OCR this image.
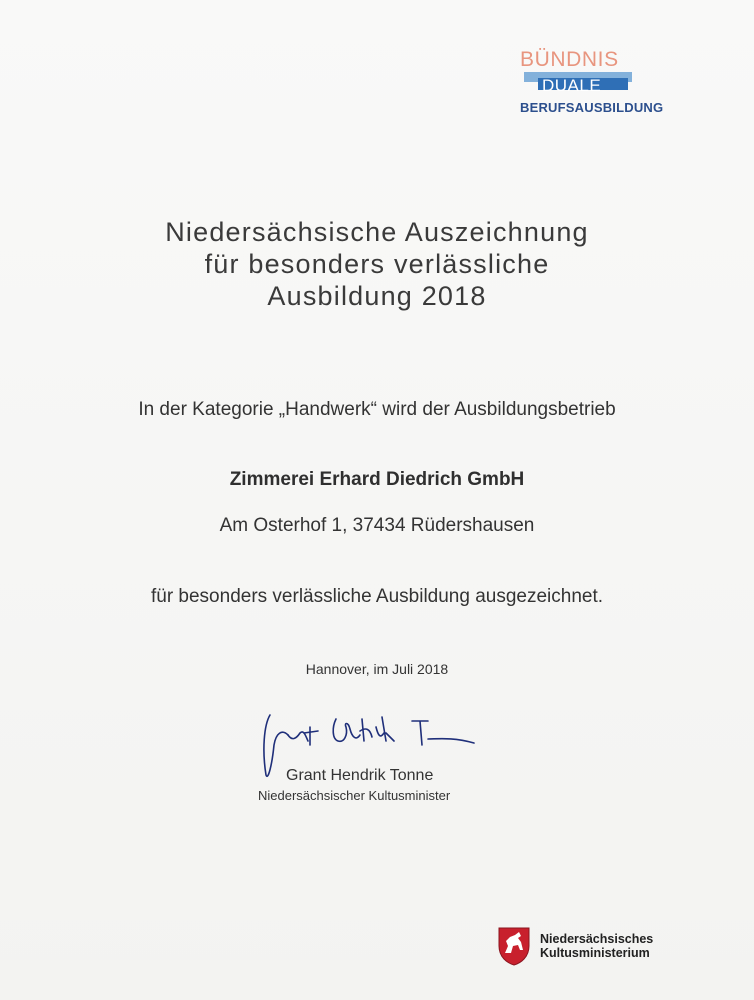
BÜNDNIS
DUALE
BERUFSAUSBILDUNG
Niedersächsische Auszeichnung
für besonders verlässliche
Ausbildung 2018
In der Kategorie „Handwerk“ wird der Ausbildungsbetrieb
Zimmerei Erhard Diedrich GmbH
Am Osterhof 1, 37434 Rüdershausen
für besonders verlässliche Ausbildung ausgezeichnet.
Hannover, im Juli 2018
Grant Hendrik Tonne
Niedersächsischer Kultusminister
Niedersächsisches
Kultusministerium
